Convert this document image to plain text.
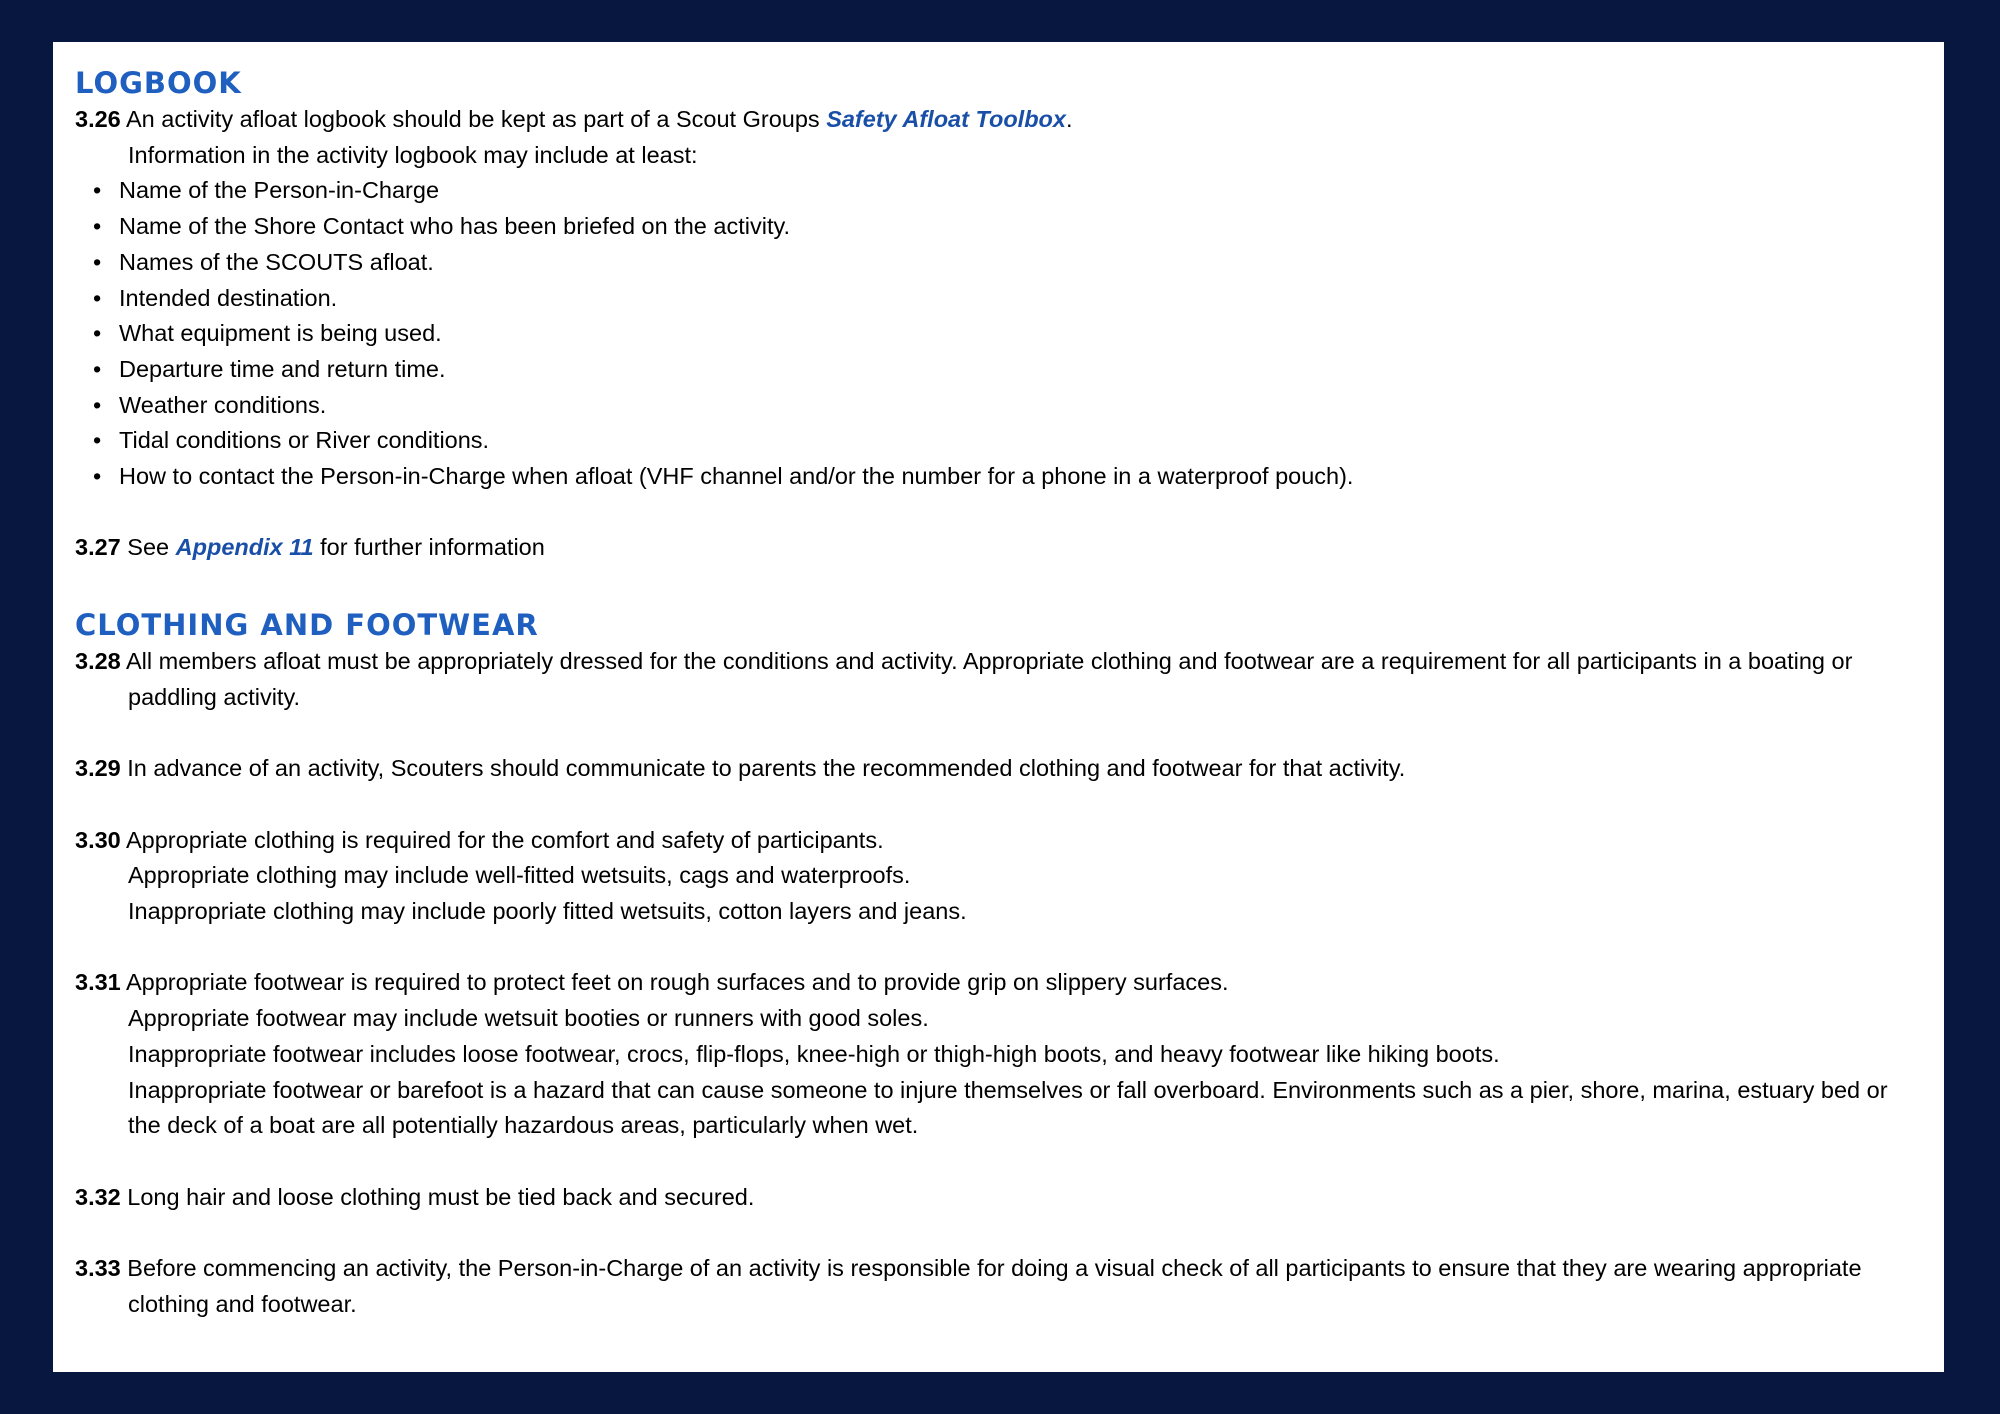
LOGBOOK

3.26 An activity afloat logbook should be kept as part of a Scout Groups Safety Afloat Toolbox.

Information in the activity logbook may include at least:

• Name of the Person-in-Charge
• Name of the Shore Contact who has been briefed on the activity.
• Names of the SCOUTS afloat.
• Intended destination.
• What equipment is being used.
• Departure time and return time.
• Weather conditions.
• Tidal conditions or River conditions.
• How to contact the Person-in-Charge when afloat (VHF channel and/or the number for a phone in a waterproof pouch).

3.27 See Appendix 11 for further information

CLOTHING AND FOOTWEAR

3.28 All members afloat must be appropriately dressed for the conditions and activity. Appropriate clothing and footwear are a requirement for all participants in a boating or paddling activity.

3.29 In advance of an activity, Scouters should communicate to parents the recommended clothing and footwear for that activity.

3.30 Appropriate clothing is required for the comfort and safety of participants.

Appropriate clothing may include well-fitted wetsuits, cags and waterproofs.

Inappropriate clothing may include poorly fitted wetsuits, cotton layers and jeans.

3.31 Appropriate footwear is required to protect feet on rough surfaces and to provide grip on slippery surfaces.

Appropriate footwear may include wetsuit booties or runners with good soles.

Inappropriate footwear includes loose footwear, crocs, flip-flops, knee-high or thigh-high boots, and heavy footwear like hiking boots.

Inappropriate footwear or barefoot is a hazard that can cause someone to injure themselves or fall overboard. Environments such as a pier, shore, marina, estuary bed or the deck of a boat are all potentially hazardous areas, particularly when wet.

3.32 Long hair and loose clothing must be tied back and secured.

3.33 Before commencing an activity, the Person-in-Charge of an activity is responsible for doing a visual check of all participants to ensure that they are wearing appropriate clothing and footwear.
